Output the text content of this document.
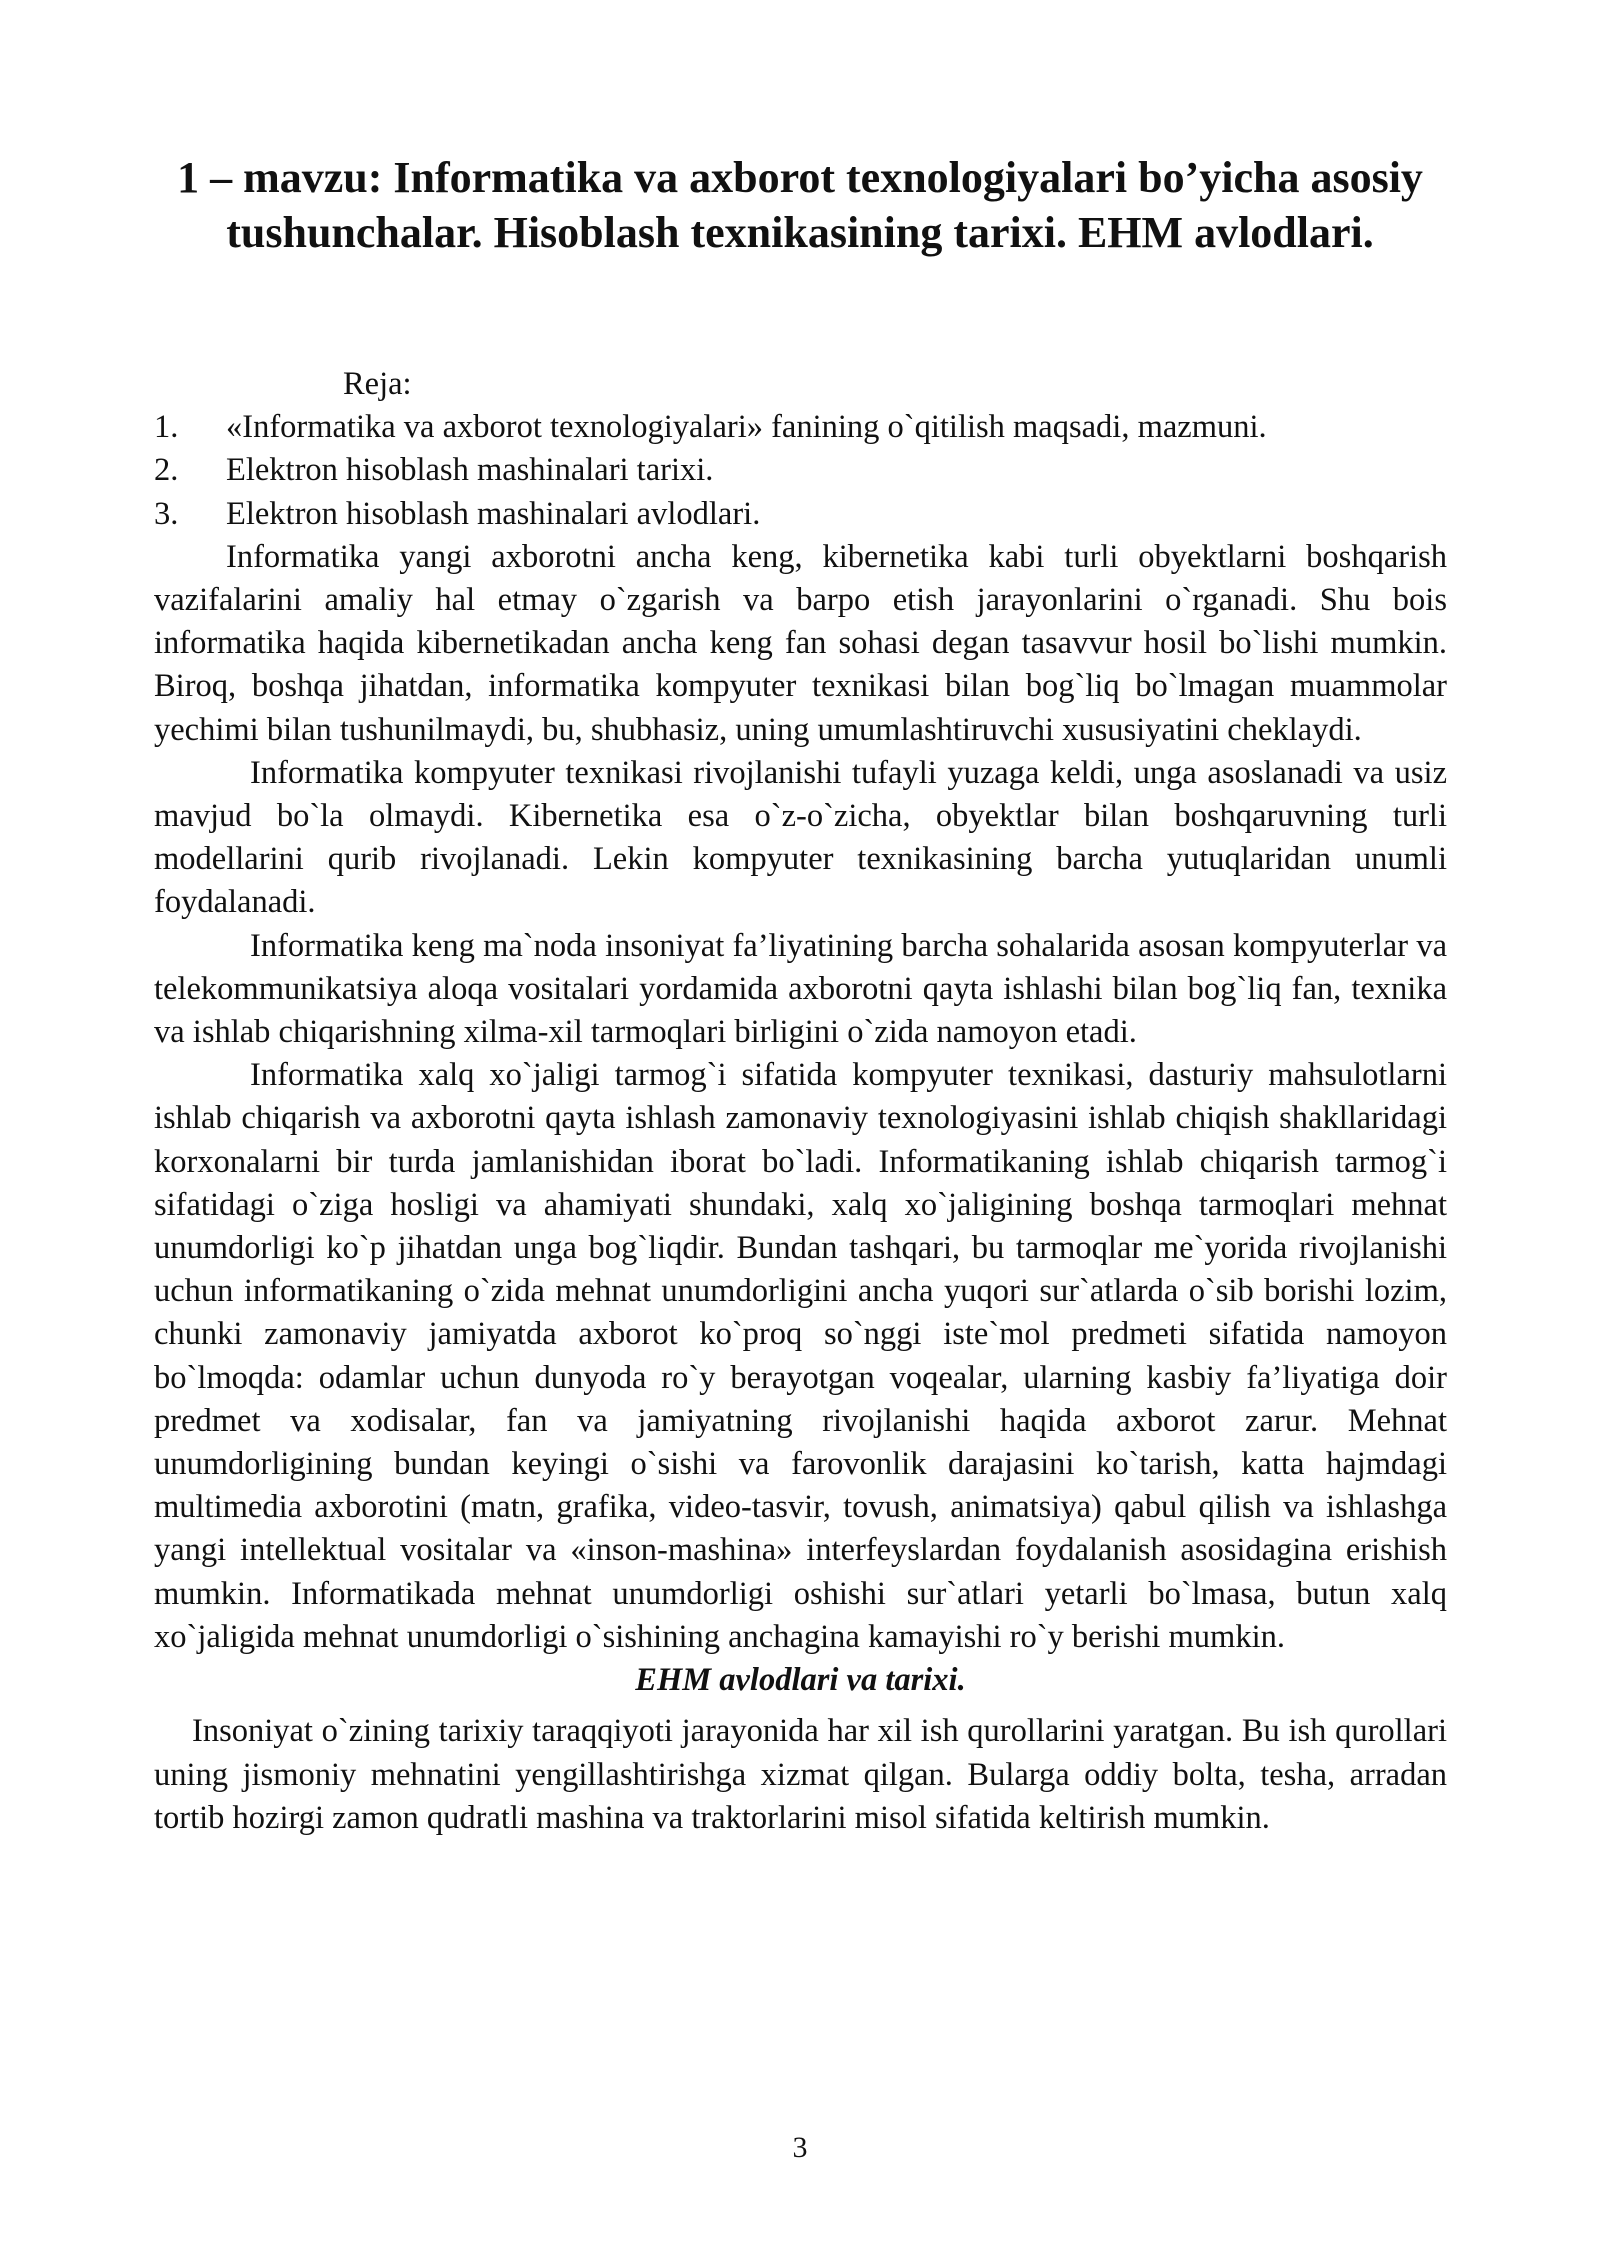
1 – mavzu: Informatika va axborot texnologiyalari bo’yicha asosiy tushunchalar. Hisoblash texnikasining tarixi. EHM avlodlari.

Reja:

1.	«Informatika va axborot texnologiyalari» fanining o`qitilish maqsadi, mazmuni.
2.	Elektron hisoblash mashinalari tarixi.
3.	Elektron hisoblash mashinalari avlodlari.

Informatika yangi axborotni ancha keng, kibernetika kabi turli obyektlarni boshqarish vazifalarini amaliy hal etmay o`zgarish va barpo etish jarayonlarini o`rganadi. Shu bois informatika haqida kibernetikadan ancha keng fan sohasi degan tasavvur hosil bo`lishi mumkin. Biroq, boshqa jihatdan, informatika kompyuter texnikasi bilan bog`liq bo`lmagan muammolar yechimi bilan tushunilmaydi, bu, shubhasiz, uning umumlashtiruvchi xususiyatini cheklaydi.

Informatika kompyuter texnikasi rivojlanishi tufayli yuzaga keldi, unga asoslanadi va usiz mavjud bo`la olmaydi. Kibernetika esa o`z-o`zicha, obyektlar bilan boshqaruvning turli modellarini qurib rivojlanadi. Lekin kompyuter texnikasining barcha yutuqlaridan unumli foydalanadi.

Informatika keng ma`noda insoniyat fa’liyatining barcha sohalarida asosan kompyuterlar va telekommunikatsiya aloqa vositalari yordamida axborotni qayta ishlashi bilan bog`liq fan, texnika va ishlab chiqarishning xilma-xil tarmoqlari birligini o`zida namoyon etadi.

Informatika xalq xo`jaligi tarmog`i sifatida kompyuter texnikasi, dasturiy mahsulotlarni ishlab chiqarish va axborotni qayta ishlash zamonaviy texnologiyasini ishlab chiqish shakllaridagi korxonalarni bir turda jamlanishidan iborat bo`ladi. Informatikaning ishlab chiqarish tarmog`i sifatidagi o`ziga hosligi va ahamiyati shundaki, xalq xo`jaligining boshqa tarmoqlari mehnat unumdorligi ko`p jihatdan unga bog`liqdir. Bundan tashqari, bu tarmoqlar me`yorida rivojlanishi uchun informatikaning o`zida mehnat unumdorligini ancha yuqori sur`atlarda o`sib borishi lozim, chunki zamonaviy jamiyatda axborot ko`proq so`nggi iste`mol predmeti sifatida namoyon bo`lmoqda: odamlar uchun dunyoda ro`y berayotgan voqealar, ularning kasbiy fa’liyatiga doir predmet va xodisalar, fan va jamiyatning rivojlanishi haqida axborot zarur. Mehnat unumdorligining bundan keyingi o`sishi va farovonlik darajasini ko`tarish, katta hajmdagi multimedia axborotini (matn, grafika, video-tasvir, tovush, animatsiya) qabul qilish va ishlashga yangi intellektual vositalar va «inson-mashina» interfeyslardan foydalanish asosidagina erishish mumkin. Informatikada mehnat unumdorligi oshishi sur`atlari yetarli bo`lmasa, butun xalq xo`jaligida mehnat unumdorligi o`sishining anchagina kamayishi ro`y berishi mumkin.

EHM avlodlari va tarixi.

Insoniyat o`zining tarixiy taraqqiyoti jarayonida har xil ish qurollarini yaratgan. Bu ish qurollari uning jismoniy mehnatini yengillashtirishga xizmat qilgan. Bularga oddiy bolta, tesha, arradan tortib hozirgi zamon qudratli mashina va traktorlarini misol sifatida keltirish mumkin.

3
